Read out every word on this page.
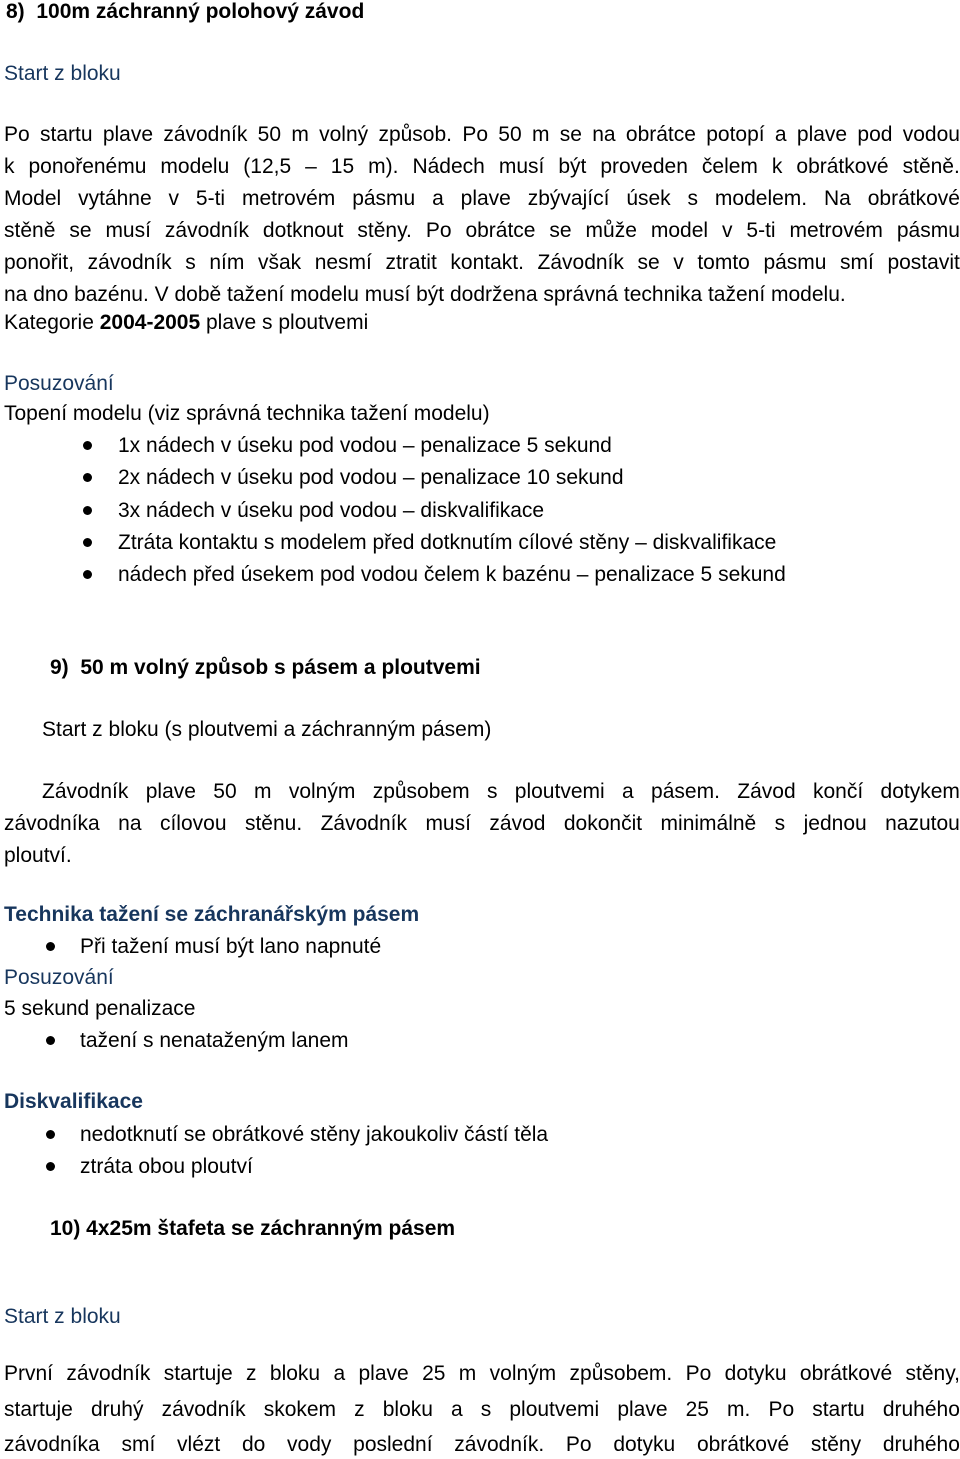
8)  100m záchranný polohový závod
Start z bloku
Po startu plave závodník 50 m volný způsob. Po 50 m se na obrátce potopí a plave pod vodou
k ponořenému modelu (12,5 – 15 m). Nádech musí být proveden čelem k obrátkové stěně.
Model vytáhne v 5-ti metrovém pásmu a plave zbývající úsek s modelem. Na obrátkové
stěně se musí závodník dotknout stěny. Po obrátce se může model v 5-ti metrovém pásmu
ponořit, závodník s ním však nesmí ztratit kontakt. Závodník se v tomto pásmu smí postavit
na dno bazénu. V době tažení modelu musí být dodržena správná technika tažení modelu.
Kategorie 2004-2005 plave s ploutvemi
Posuzování
Topení modelu (viz správná technika tažení modelu)
1x nádech v úseku pod vodou – penalizace 5 sekund
2x nádech v úseku pod vodou – penalizace 10 sekund
3x nádech v úseku pod vodou – diskvalifikace
Ztráta kontaktu s modelem před dotknutím cílové stěny – diskvalifikace
nádech před úsekem pod vodou čelem k bazénu – penalizace 5 sekund
9)  50 m volný způsob s pásem a ploutvemi
Start z bloku (s ploutvemi a záchranným pásem)
Závodník plave 50 m volným způsobem s ploutvemi a pásem. Závod končí dotykem
závodníka na cílovou stěnu. Závodník musí závod dokončit minimálně s jednou nazutou
ploutví.
Technika tažení se záchranářským pásem
Při tažení musí být lano napnuté
Posuzování
5 sekund penalizace
tažení s nenataženým lanem
Diskvalifikace
nedotknutí se obrátkové stěny jakoukoliv částí těla
ztráta obou ploutví
10) 4x25m štafeta se záchranným pásem
Start z bloku
První závodník startuje z bloku a plave 25 m volným způsobem. Po dotyku obrátkové stěny,
startuje druhý závodník skokem z bloku a s ploutvemi plave 25 m. Po startu druhého
závodníka smí vlézt do vody poslední závodník. Po dotyku obrátkové stěny druhého
